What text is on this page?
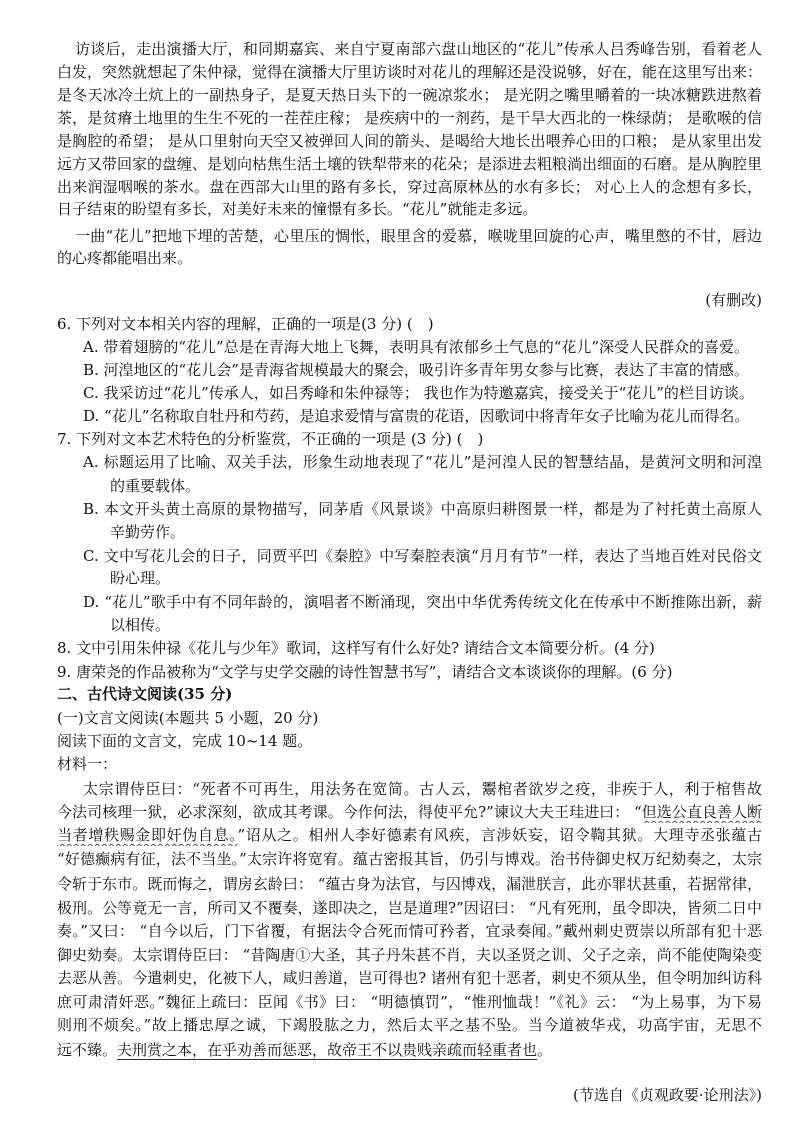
访谈后，走出演播大厅，和同期嘉宾、来自宁夏南部六盘山地区的“花儿”传承人吕秀峰告别，看着老人
白发，突然就想起了朱仲禄，觉得在演播大厅里访谈时对花儿的理解还是没说够，好在，能在这里写出来：
是冬天冰冷土炕上的一副热身子，是夏天热日头下的一碗凉浆水； 是光阴之嘴里嚼着的一块冰糖跌进熬着
茶，是贫瘠土地里的生生不死的一茬茬庄稼； 是疾病中的一剂药，是干旱大西北的一株绿荫； 是歌喉的信
是胸腔的希望； 是从口里射向天空又被弹回人间的箭头、是喝给大地长出喂养心田的口粮； 是从家里出发
远方又带回家的盘缠、是划向枯焦生活土壤的铁犁带来的花朵；是添进去粗粮淌出细面的石磨。是从胸腔里
出来润湿咽喉的茶水。盘在西部大山里的路有多长，穿过高原林丛的水有多长； 对心上人的念想有多长，
日子结束的盼望有多长，对美好未来的憧憬有多长。“花儿”就能走多远。
一曲“花儿”把地下埋的苦楚，心里压的惆怅，眼里含的爱慕，喉咙里回旋的心声，嘴里憋的不甘，唇边
的心疼都能唱出来。
(有删改)
6. 下列对文本相关内容的理解，正确的一项是(3 分) (　)
A. 带着翅膀的“花儿”总是在青海大地上飞舞，表明具有浓郁乡土气息的“花儿”深受人民群众的喜爱。
B. 河湟地区的“花儿会”是青海省规模最大的聚会，吸引许多青年男女参与比赛，表达了丰富的情感。
C. 我采访过“花儿”传承人，如吕秀峰和朱仲禄等； 我也作为特邀嘉宾，接受关于“花儿”的栏目访谈。
D. “花儿”名称取自牡丹和芍药，是追求爱情与富贵的花语，因歌词中将青年女子比喻为花儿而得名。
7. 下列对文本艺术特色的分析鉴赏，不正确的一项是 (3 分) (　)
A. 标题运用了比喻、双关手法，形象生动地表现了“花儿”是河湟人民的智慧结晶，是黄河文明和河湟
的重要载体。
B. 本文开头黄土高原的景物描写，同茅盾《风景谈》中高原归耕图景一样，都是为了衬托黄土高原人
辛勤劳作。
C. 文中写花儿会的日子，同贾平凹《秦腔》中写秦腔表演“月月有节”一样，表达了当地百姓对民俗文
盼心理。
D. “花儿”歌手中有不同年龄的，演唱者不断涌现，突出中华优秀传统文化在传承中不断推陈出新，薪
以相传。
8. 文中引用朱仲禄《花儿与少年》歌词，这样写有什么好处? 请结合文本简要分析。(4 分)
9. 唐荣尧的作品被称为“文学与史学交融的诗性智慧书写”，请结合文本谈谈你的理解。(6 分)
二、古代诗文阅读(35 分)
(一)文言文阅读(本题共 5 小题，20 分)
阅读下面的文言文，完成 10~14 题。
材料一：
太宗谓侍臣曰：“死者不可再生，用法务在宽简。古人云，鬻棺者欲岁之疫，非疾于人，利于棺售故
今法司核理一狱，必求深刻，欲成其考课。今作何法，得使平允?”谏议大夫王珪进曰： “但选公直良善人断
当者增秩赐金即奸伪自息。”诏从之。相州人李好德素有风疾，言涉妖妄，诏令鞫其狱。大理寺丞张蕴古
“好德癫病有征，法不当坐。”太宗许将宽宥。蕴古密报其旨，仍引与博戏。治书侍御史权万纪劾奏之，太宗
令斩于东市。既而悔之，谓房玄龄曰： “蕴古身为法官，与囚博戏，漏泄朕言，此亦罪状甚重，若据常律，
极刑。公等竟无一言，所司又不覆奏，遂即决之，岂是道理?”因诏曰： “凡有死刑，虽令即决，皆须二日中
奏。”又曰： “自今以后，门下省覆，有据法令合死而情可矜者，宜录奏闻。”戴州刺史贾崇以所部有犯十恶
御史劾奏。太宗谓侍臣曰： “昔陶唐①大圣，其子丹朱甚不肖，夫以圣贤之训、父子之亲，尚不能使陶染变
去恶从善。今遣刺史，化被下人，咸归善道，岂可得也? 诸州有犯十恶者，刺史不须从坐，但令明加纠访科
庶可肃清奸恶。”魏征上疏曰：臣闻《书》曰： “明德慎罚”，“惟刑恤哉！”《礼》云： “为上易事，为下易
则刑不烦矣。”故上播忠厚之诚，下竭股肱之力，然后太平之基不坠。当今道被华戎，功高宇宙，无思不
远不臻。夫刑赏之本，在乎劝善而惩恶，故帝王不以贵贱亲疏而轻重者也。
(节选自《贞观政要·论刑法》)
